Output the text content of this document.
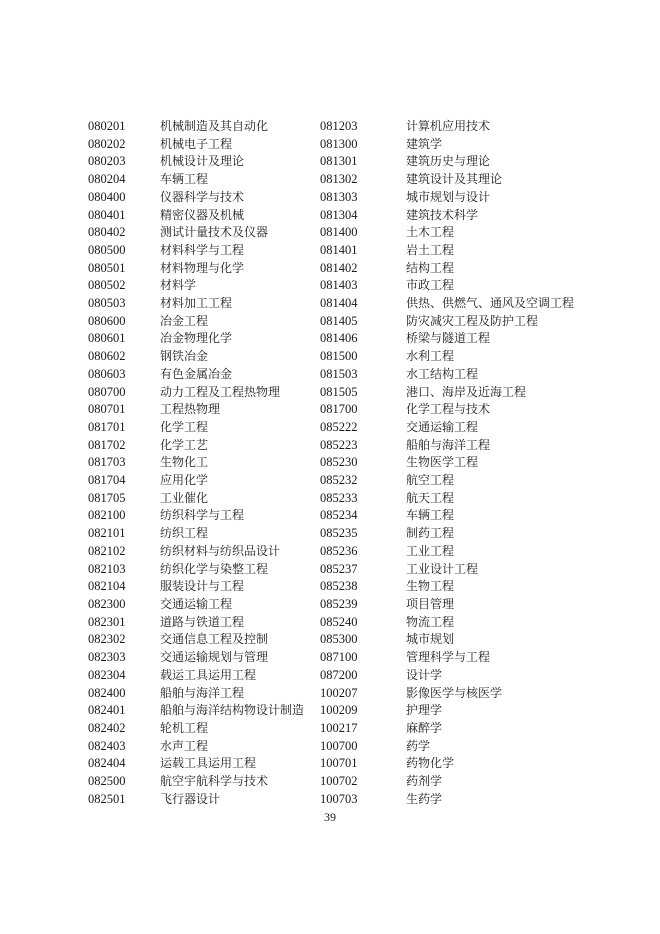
080201	机械制造及其自动化	081203	计算机应用技术
080202	机械电子工程	081300	建筑学
080203	机械设计及理论	081301	建筑历史与理论
080204	车辆工程	081302	建筑设计及其理论
080400	仪器科学与技术	081303	城市规划与设计
080401	精密仪器及机械	081304	建筑技术科学
080402	测试计量技术及仪器	081400	土木工程
080500	材料科学与工程	081401	岩土工程
080501	材料物理与化学	081402	结构工程
080502	材料学	081403	市政工程
080503	材料加工工程	081404	供热、供燃气、通风及空调工程
080600	冶金工程	081405	防灾减灾工程及防护工程
080601	冶金物理化学	081406	桥梁与隧道工程
080602	钢铁冶金	081500	水利工程
080603	有色金属冶金	081503	水工结构工程
080700	动力工程及工程热物理	081505	港口、海岸及近海工程
080701	工程热物理	081700	化学工程与技术
081701	化学工程	085222	交通运输工程
081702	化学工艺	085223	船舶与海洋工程
081703	生物化工	085230	生物医学工程
081704	应用化学	085232	航空工程
081705	工业催化	085233	航天工程
082100	纺织科学与工程	085234	车辆工程
082101	纺织工程	085235	制药工程
082102	纺织材料与纺织品设计	085236	工业工程
082103	纺织化学与染整工程	085237	工业设计工程
082104	服装设计与工程	085238	生物工程
082300	交通运输工程	085239	项目管理
082301	道路与铁道工程	085240	物流工程
082302	交通信息工程及控制	085300	城市规划
082303	交通运输规划与管理	087100	管理科学与工程
082304	载运工具运用工程	087200	设计学
082400	船舶与海洋工程	100207	影像医学与核医学
082401	船舶与海洋结构物设计制造	100209	护理学
082402	轮机工程	100217	麻醉学
082403	水声工程	100700	药学
082404	运载工具运用工程	100701	药物化学
082500	航空宇航科学与技术	100702	药剂学
082501	飞行器设计	100703	生药学
39
